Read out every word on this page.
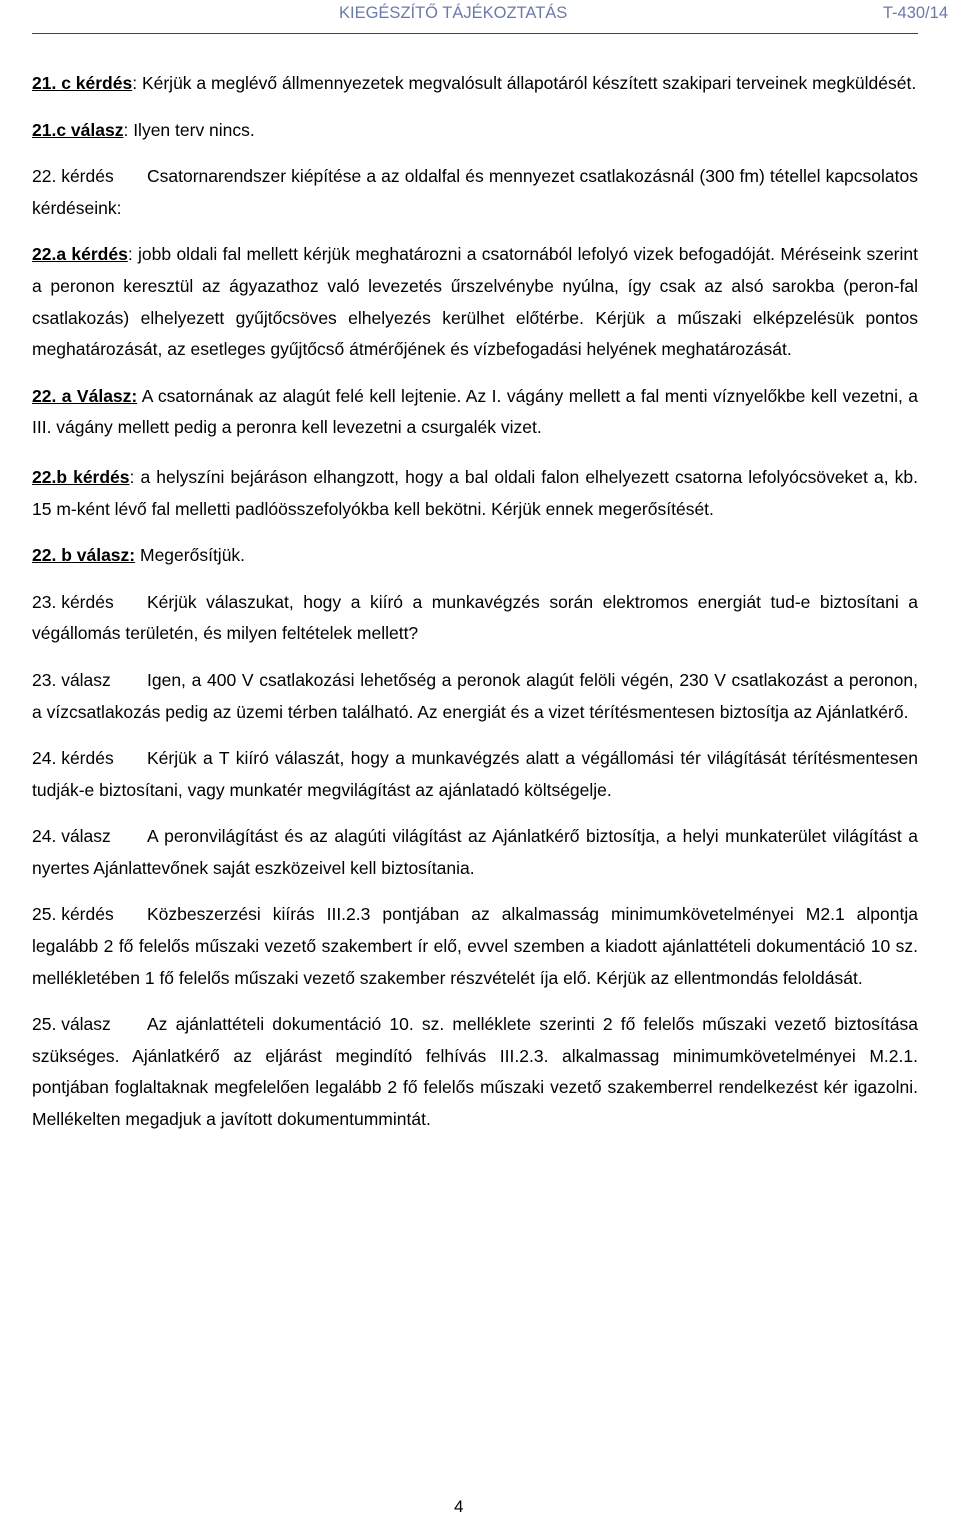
KIEGÉSZÍTŐ TÁJÉKOZTATÁS	T-430/14
21. c kérdés: Kérjük a meglévő állmennyezetek megvalósult állapotáról készített szakipari terveinek megküldését.
21.c válasz: Ilyen terv nincs.
22. kérdés Csatornarendszer kiépítése a az oldalfal és mennyezet csatlakozásnál (300 fm) tétellel kapcsolatos kérdéseink:
22.a kérdés: jobb oldali fal mellett kérjük meghatározni a csatornából lefolyó vizek befogadóját. Méréseink szerint a peronon keresztül az ágyazathoz való levezetés űrszelvénybe nyúlna, így csak az alsó sarokba (peron-fal csatlakozás) elhelyezett gyűjtőcsöves elhelyezés kerülhet előtérbe. Kérjük a műszaki elképzelésük pontos meghatározását, az esetleges gyűjtőcső átmérőjének és vízbefogadási helyének meghatározását.
22. a Válasz: A csatornának az alagút felé kell lejtenie. Az I. vágány mellett a fal menti víznyelőkbe kell vezetni, a III. vágány mellett pedig a peronra kell levezetni a csurgalék vizet.
22.b kérdés: a helyszíni bejáráson elhangzott, hogy a bal oldali falon elhelyezett csatorna lefolyócsöveket a, kb. 15 m-ként lévő fal melletti padlóösszefolyókba kell bekötni. Kérjük ennek megerősítését.
22. b válasz: Megerősítjük.
23. kérdés Kérjük válaszukat, hogy a kiíró a munkavégzés során elektromos energiát tud-e biztosítani a végállomás területén, és milyen feltételek mellett?
23. válasz Igen, a 400 V csatlakozási lehetőség a peronok alagút felöli végén, 230 V csatlakozást a peronon, a vízcsatlakozás pedig az üzemi térben található. Az energiát és a vizet térítésmentesen biztosítja az Ajánlatkérő.
24. kérdés Kérjük a T kiíró válaszát, hogy a munkavégzés alatt a végállomási tér világítását térítésmentesen tudják-e biztosítani, vagy munkatér megvilágítást az ajánlatadó költségelje.
24. válasz A peronvilágítást és az alagúti világítást az Ajánlatkérő biztosítja, a helyi munkaterület világítást a nyertes Ajánlattevőnek saját eszközeivel kell biztosítania.
25. kérdés Közbeszerzési kiírás III.2.3 pontjában az alkalmasság minimumkövetelményei M2.1 alpontja legalább 2 fő felelős műszaki vezető szakembert ír elő, evvel szemben a kiadott ajánlattételi dokumentáció 10 sz. mellékletében 1 fő felelős műszaki vezető szakember részvételét íja elő. Kérjük az ellentmondás feloldását.
25. válasz Az ajánlattételi dokumentáció 10. sz. melléklete szerinti 2 fő felelős műszaki vezető biztosítása szükséges. Ajánlatkérő az eljárást megindító felhívás III.2.3. alkalmassag minimumkövetelményei M.2.1. pontjában foglaltaknak megfelelően legalább 2 fő felelős műszaki vezető szakemberrel rendelkezést kér igazolni. Mellékelten megadjuk a javított dokumentummintát.
4
